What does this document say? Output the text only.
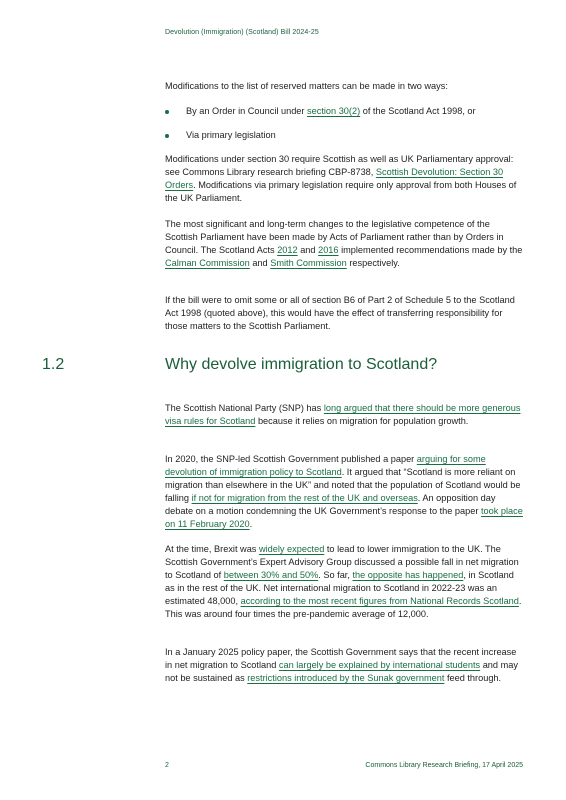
Devolution (Immigration) (Scotland) Bill 2024-25

Modifications to the list of reserved matters can be made in two ways:

By an Order in Council under section 30(2) of the Scotland Act 1998, or
Via primary legislation

Modifications under section 30 require Scottish as well as UK Parliamentary approval: see Commons Library research briefing CBP-8738, Scottish Devolution: Section 30 Orders. Modifications via primary legislation require only approval from both Houses of the UK Parliament.

The most significant and long-term changes to the legislative competence of the Scottish Parliament have been made by Acts of Parliament rather than by Orders in Council. The Scotland Acts 2012 and 2016 implemented recommendations made by the Calman Commission and Smith Commission respectively.

If the bill were to omit some or all of section B6 of Part 2 of Schedule 5 to the Scotland Act 1998 (quoted above), this would have the effect of transferring responsibility for those matters to the Scottish Parliament.

1.2	Why devolve immigration to Scotland?

The Scottish National Party (SNP) has long argued that there should be more generous visa rules for Scotland because it relies on migration for population growth.

In 2020, the SNP-led Scottish Government published a paper arguing for some devolution of immigration policy to Scotland. It argued that “Scotland is more reliant on migration than elsewhere in the UK” and noted that the population of Scotland would be falling if not for migration from the rest of the UK and overseas. An opposition day debate on a motion condemning the UK Government’s response to the paper took place on 11 February 2020.

At the time, Brexit was widely expected to lead to lower immigration to the UK. The Scottish Government’s Expert Advisory Group discussed a possible fall in net migration to Scotland of between 30% and 50%. So far, the opposite has happened, in Scotland as in the rest of the UK. Net international migration to Scotland in 2022-23 was an estimated 48,000, according to the most recent figures from National Records Scotland. This was around four times the pre-pandemic average of 12,000.

In a January 2025 policy paper, the Scottish Government says that the recent increase in net migration to Scotland can largely be explained by international students and may not be sustained as restrictions introduced by the Sunak government feed through.

2	Commons Library Research Briefing, 17 April 2025
